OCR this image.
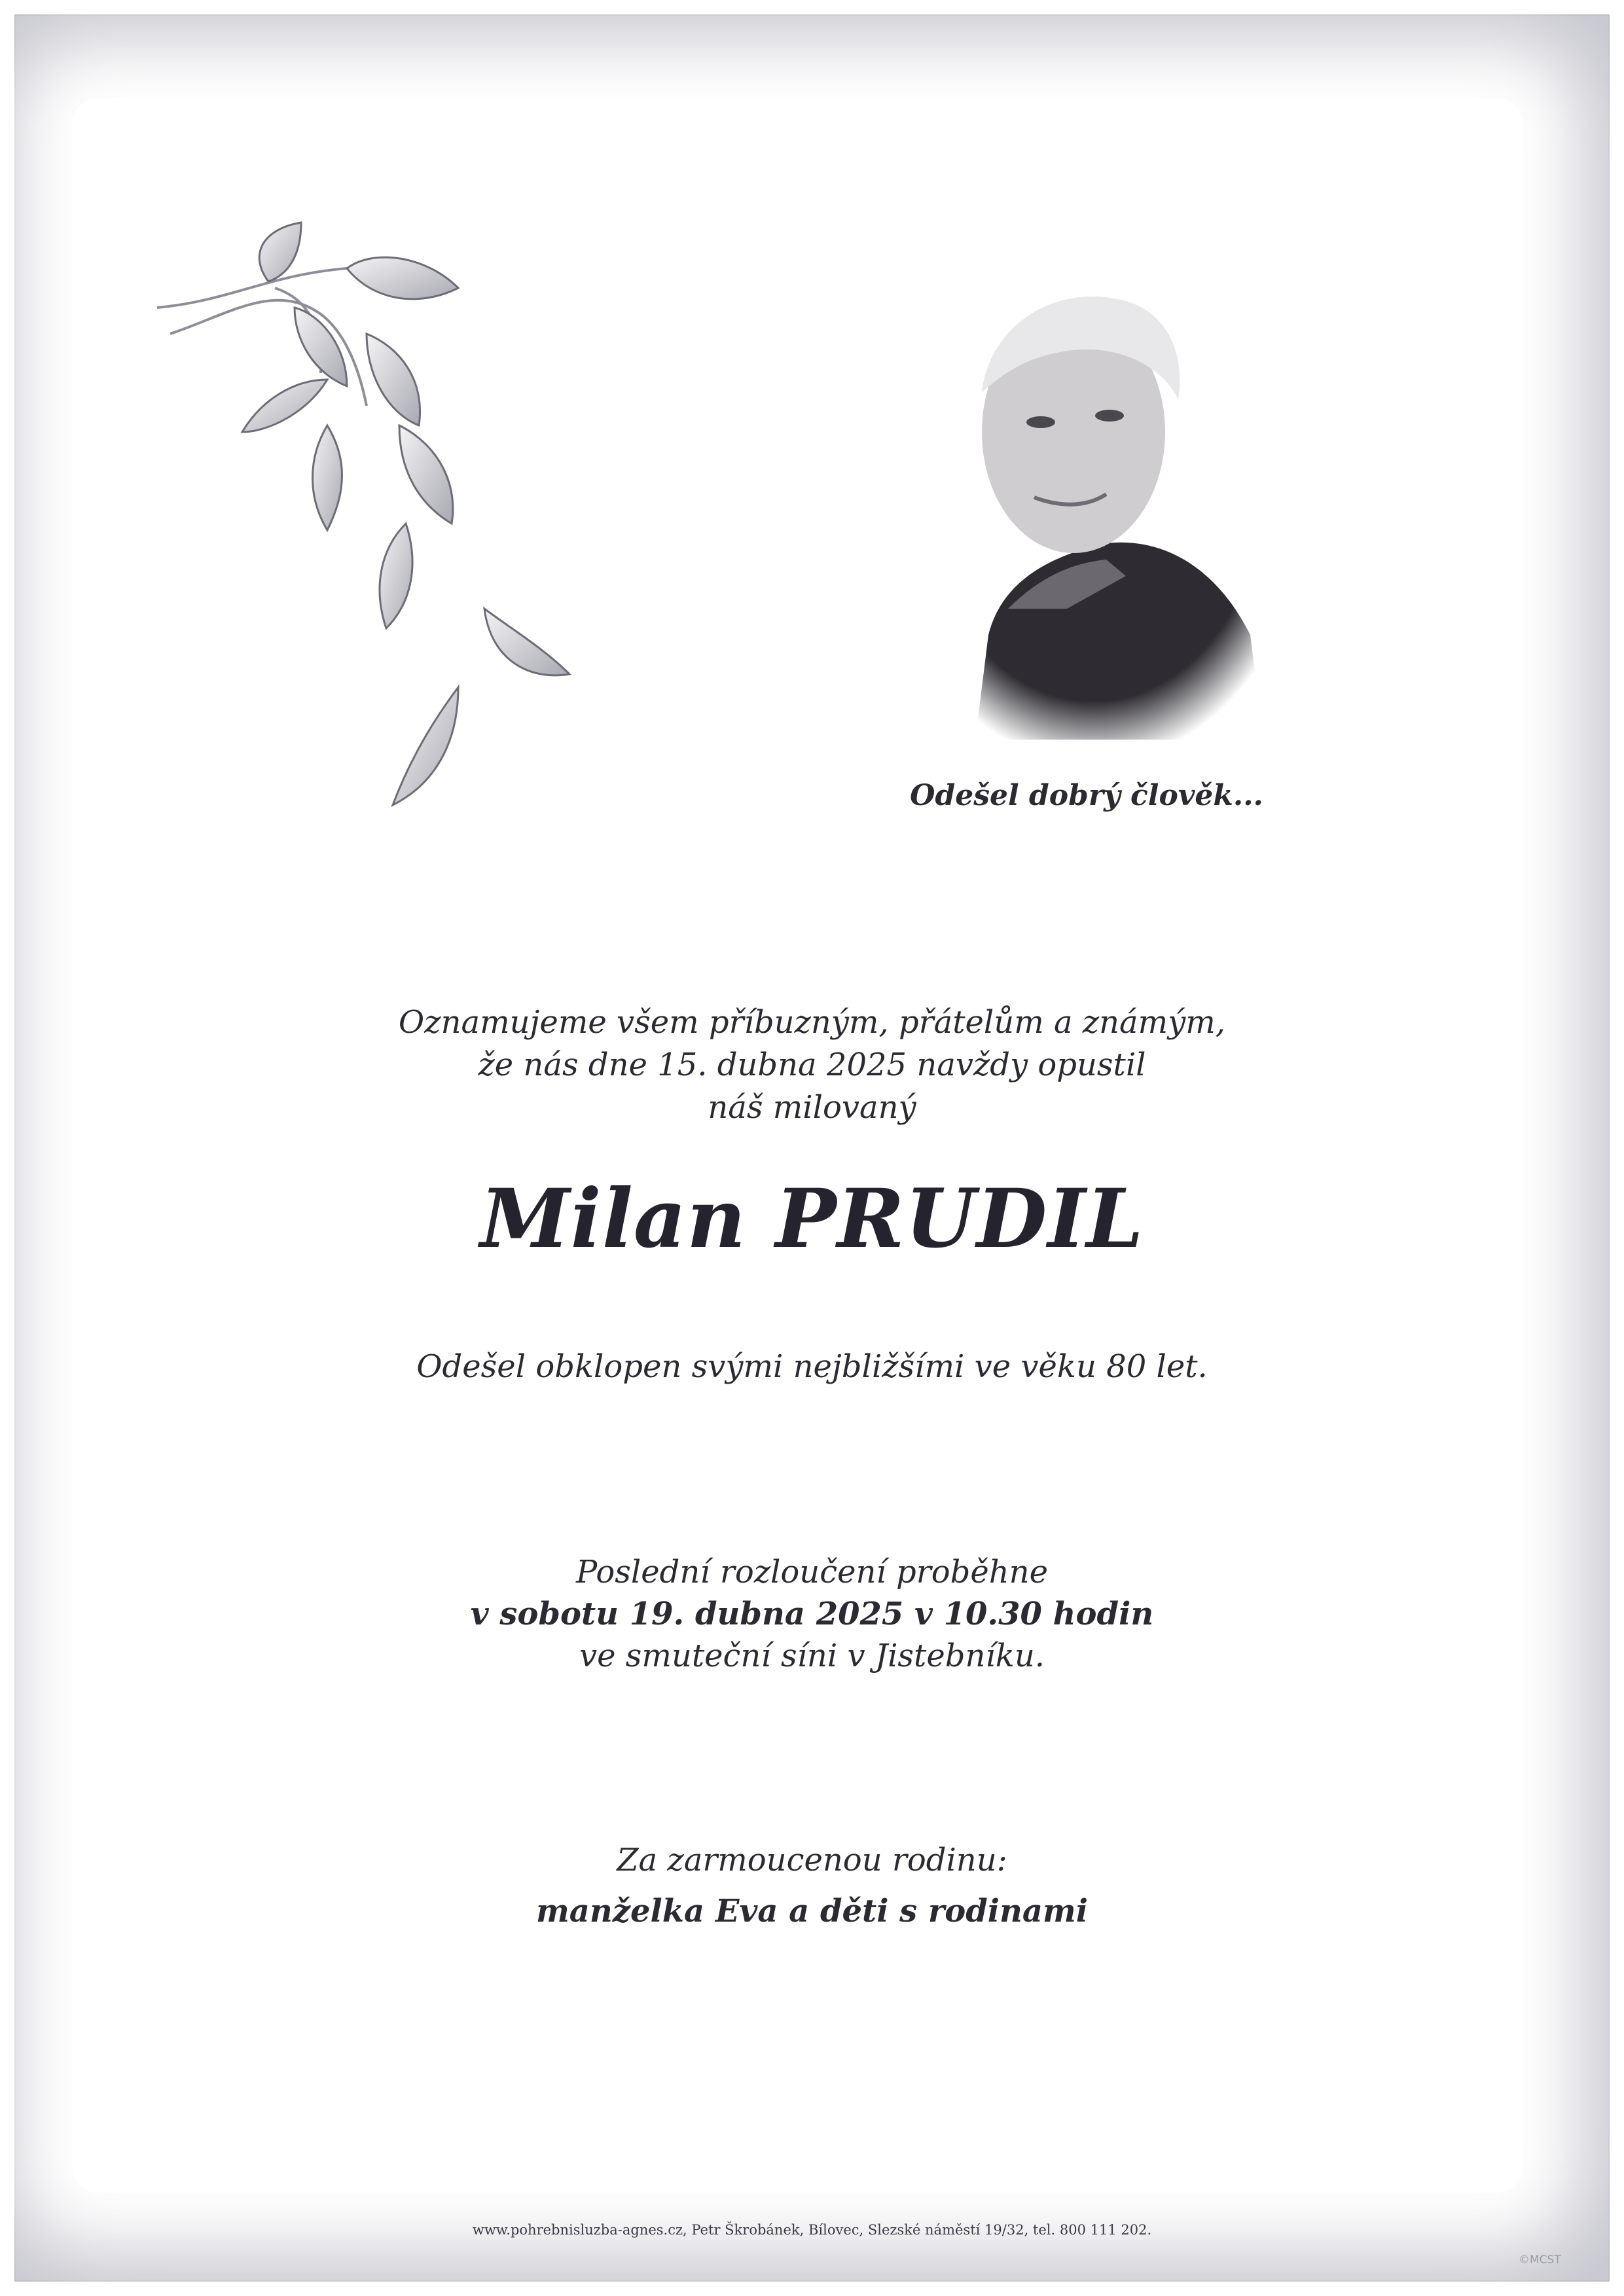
Odešel dobrý člověk...
Oznamujeme všem příbuzným, přátelům a známým,
že nás dne 15. dubna 2025 navždy opustil
náš milovaný
Milan PRUDIL
Odešel obklopen svými nejbližšími ve věku 80 let.
Poslední rozloučení proběhne
v sobotu 19. dubna 2025 v 10.30 hodin
ve smuteční síni v Jistebníku.
Za zarmoucenou rodinu:
manželka Eva a děti s rodinami
www.pohrebnisluzba-agnes.cz, Petr Škrobánek, Bílovec, Slezské náměstí 19/32, tel. 800 111 202.
©MCST
